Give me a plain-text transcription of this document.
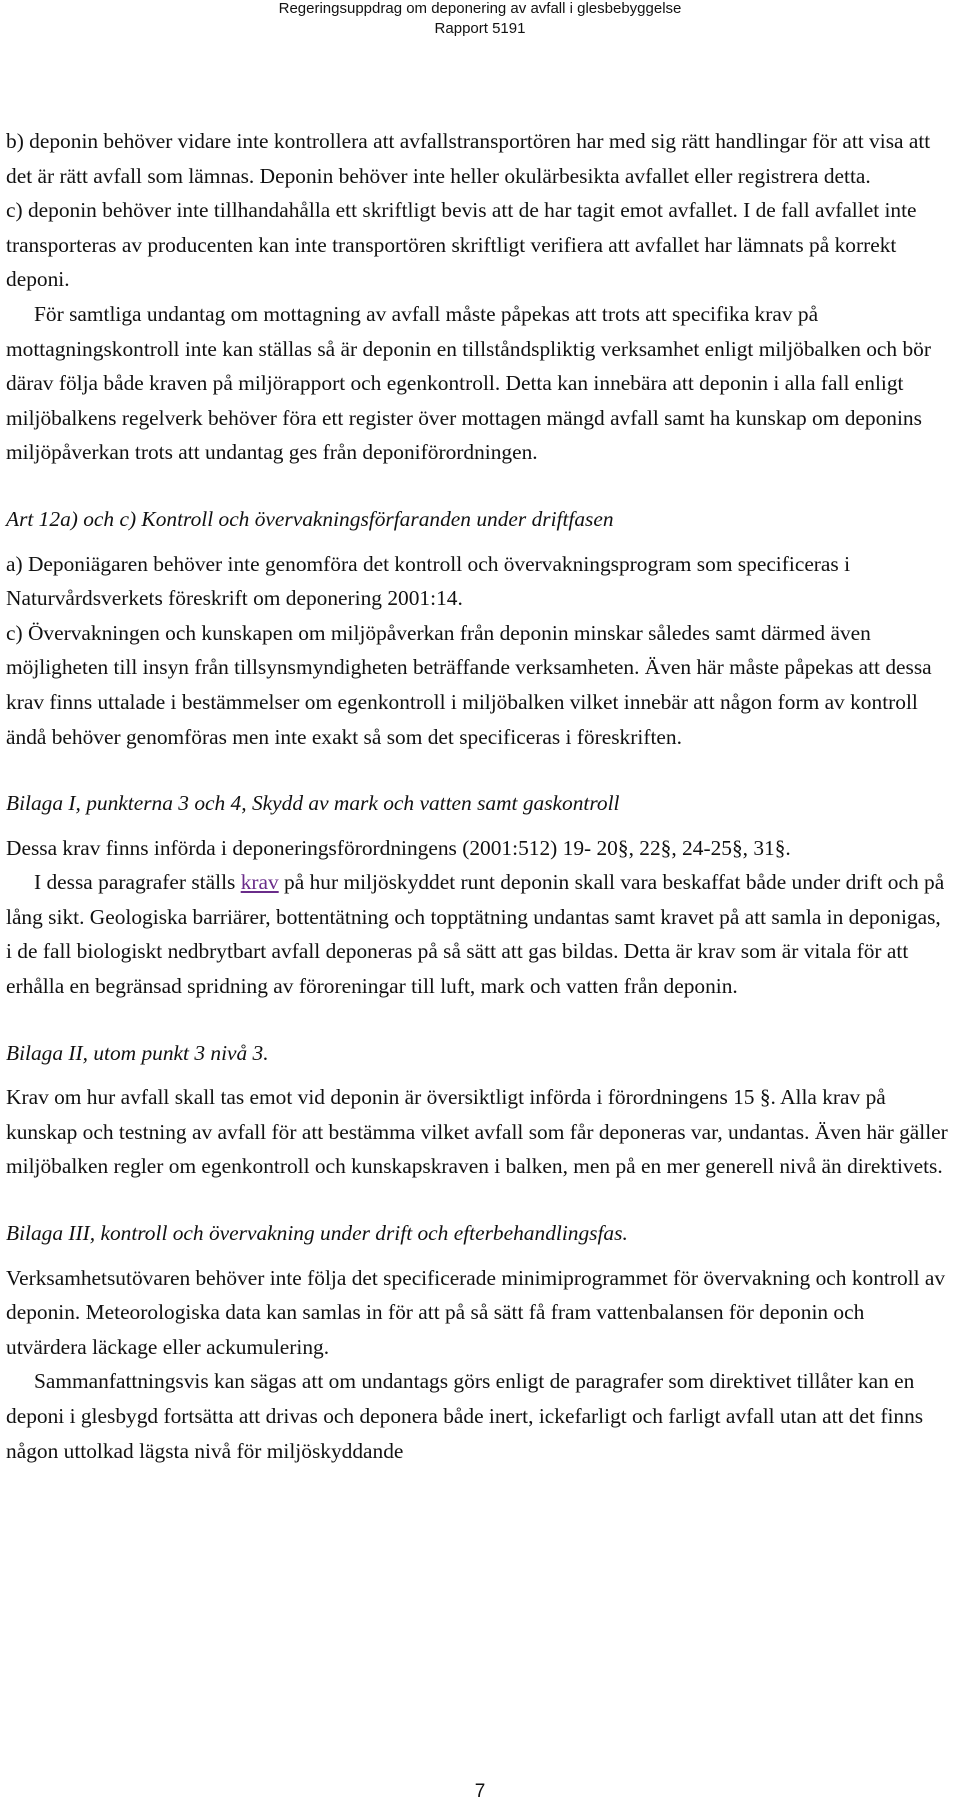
Regeringsuppdrag om deponering av avfall i glesbebyggelse
Rapport 5191

b) deponin behöver vidare inte kontrollera att avfallstransportören har med sig rätt handlingar för att visa att det är rätt avfall som lämnas. Deponin behöver inte heller okulärbesikta avfallet eller registrera detta.

c) deponin behöver inte tillhandahålla ett skriftligt bevis att de har tagit emot avfallet. I de fall avfallet inte transporteras av producenten kan inte transportören skriftligt verifiera att avfallet har lämnats på korrekt deponi.

För samtliga undantag om mottagning av avfall måste påpekas att trots att specifika krav på mottagningskontroll inte kan ställas så är deponin en tillståndspliktig verksamhet enligt miljöbalken och bör därav följa både kraven på miljörapport och egenkontroll. Detta kan innebära att deponin i alla fall enligt miljöbalkens regelverk behöver föra ett register över mottagen mängd avfall samt ha kunskap om deponins miljöpåverkan trots att undantag ges från deponiförordningen.

Art 12a) och c) Kontroll och övervakningsförfaranden under driftfasen

a) Deponiägaren behöver inte genomföra det kontroll och övervakningsprogram som specificeras i Naturvårdsverkets föreskrift om deponering 2001:14.

c) Övervakningen och kunskapen om miljöpåverkan från deponin minskar således samt därmed även möjligheten till insyn från tillsynsmyndigheten beträffande verksamheten. Även här måste påpekas att dessa krav finns uttalade i bestämmelser om egenkontroll i miljöbalken vilket innebär att någon form av kontroll ändå behöver genomföras men inte exakt så som det specificeras i föreskriften.

Bilaga I, punkterna 3 och 4, Skydd av mark och vatten samt gaskontroll

Dessa krav finns införda i deponeringsförordningens (2001:512) 19- 20§, 22§, 24-25§, 31§.

I dessa paragrafer ställs krav på hur miljöskyddet runt deponin skall vara beskaffat både under drift och på lång sikt. Geologiska barriärer, bottentätning och topptätning undantas samt kravet på att samla in deponigas, i de fall biologiskt nedbrytbart avfall deponeras på så sätt att gas bildas. Detta är krav som är vitala för att erhålla en begränsad spridning av föroreningar till luft, mark och vatten från deponin.

Bilaga II, utom punkt 3 nivå 3.

Krav om hur avfall skall tas emot vid deponin är översiktligt införda i förordningens 15 §. Alla krav på kunskap och testning av avfall för att bestämma vilket avfall som får deponeras var, undantas. Även här gäller miljöbalken regler om egenkontroll och kunskapskraven i balken, men på en mer generell nivå än direktivets.

Bilaga III, kontroll och övervakning under drift och efterbehandlingsfas.

Verksamhetsutövaren behöver inte följa det specificerade minimiprogrammet för övervakning och kontroll av deponin. Meteorologiska data kan samlas in för att på så sätt få fram vattenbalansen för deponin och utvärdera läckage eller ackumulering.

Sammanfattningsvis kan sägas att om undantags görs enligt de paragrafer som direktivet tillåter kan en deponi i glesbygd fortsätta att drivas och deponera både inert, ickefarligt och farligt avfall utan att det finns någon uttolkad lägsta nivå för miljöskyddande

7
